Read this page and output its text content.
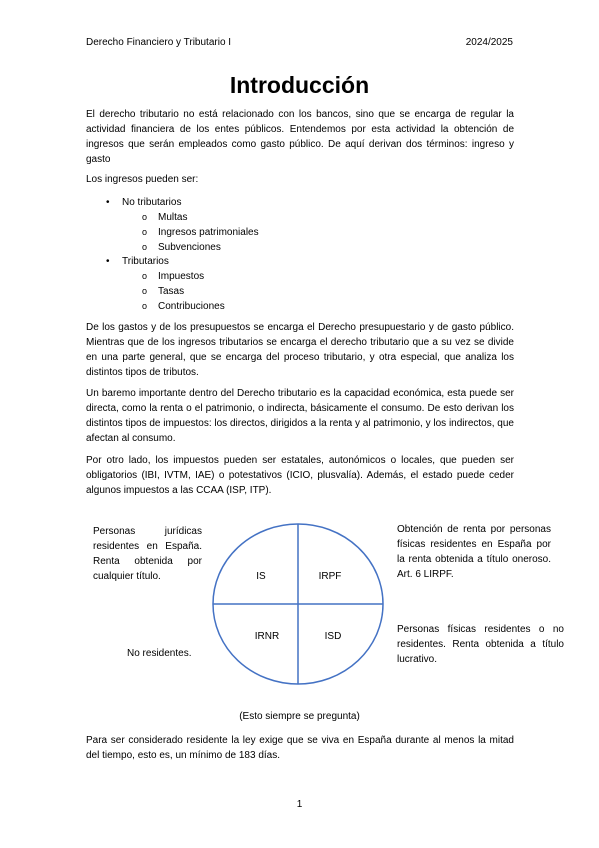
Derecho Financiero y Tributario I	2024/2025
Introducción

El derecho tributario no está relacionado con los bancos, sino que se encarga de regular la actividad financiera de los entes públicos. Entendemos por esta actividad la obtención de ingresos que serán empleados como gasto público. De aquí derivan dos términos: ingreso y gasto

Los ingresos pueden ser:

• No tributarios
o Multas
o Ingresos patrimoniales
o Subvenciones
• Tributarios
o Impuestos
o Tasas
o Contribuciones

De los gastos y de los presupuestos se encarga el Derecho presupuestario y de gasto público. Mientras que de los ingresos tributarios se encarga el derecho tributario que a su vez se divide en una parte general, que se encarga del proceso tributario, y otra especial, que analiza los distintos tipos de tributos.

Un baremo importante dentro del Derecho tributario es la capacidad económica, esta puede ser directa, como la renta o el patrimonio, o indirecta, básicamente el consumo. De esto derivan los distintos tipos de impuestos: los directos, dirigidos a la renta y al patrimonio, y los indirectos, que afectan al consumo.

Por otro lado, los impuestos pueden ser estatales, autonómicos o locales, que pueden ser obligatorios (IBI, IVTM, IAE) o potestativos (ICIO, plusvalía). Además, el estado puede ceder algunos impuestos a las CCAA (ISP, ITP).

Personas jurídicas residentes en España. Renta obtenida por cualquier título.
No residentes.
Obtención de renta por personas físicas residentes en España por la renta obtenida a título oneroso. Art. 6 LIRPF.
Personas físicas residentes o no residentes. Renta obtenida a título lucrativo.
IS	IRPF
IRNR	ISD
(Esto siempre se pregunta)

Para ser considerado residente la ley exige que se viva en España durante al menos la mitad del tiempo, esto es, un mínimo de 183 días.

1
